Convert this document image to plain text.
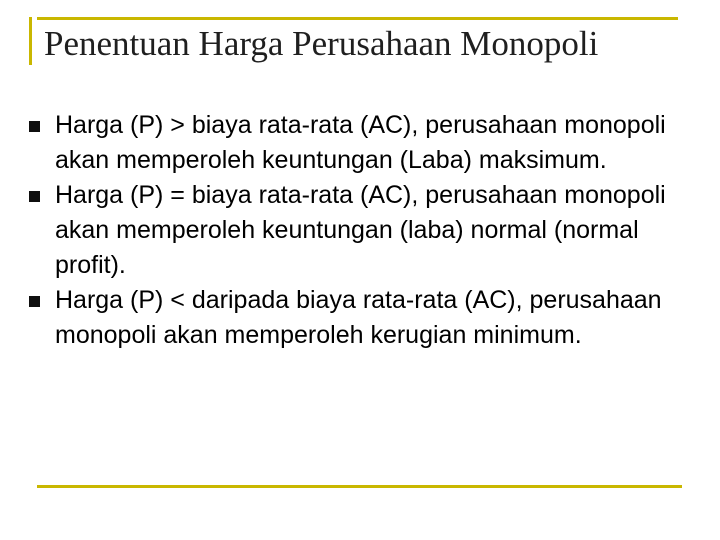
Penentuan Harga Perusahaan Monopoli
Harga (P) > biaya rata-rata (AC), perusahaan monopoli akan memperoleh keuntungan (Laba) maksimum.
Harga (P) = biaya rata-rata (AC), perusahaan monopoli akan memperoleh keuntungan (laba) normal (normal profit).
Harga (P) < daripada biaya rata-rata (AC), perusahaan monopoli akan memperoleh kerugian minimum.
